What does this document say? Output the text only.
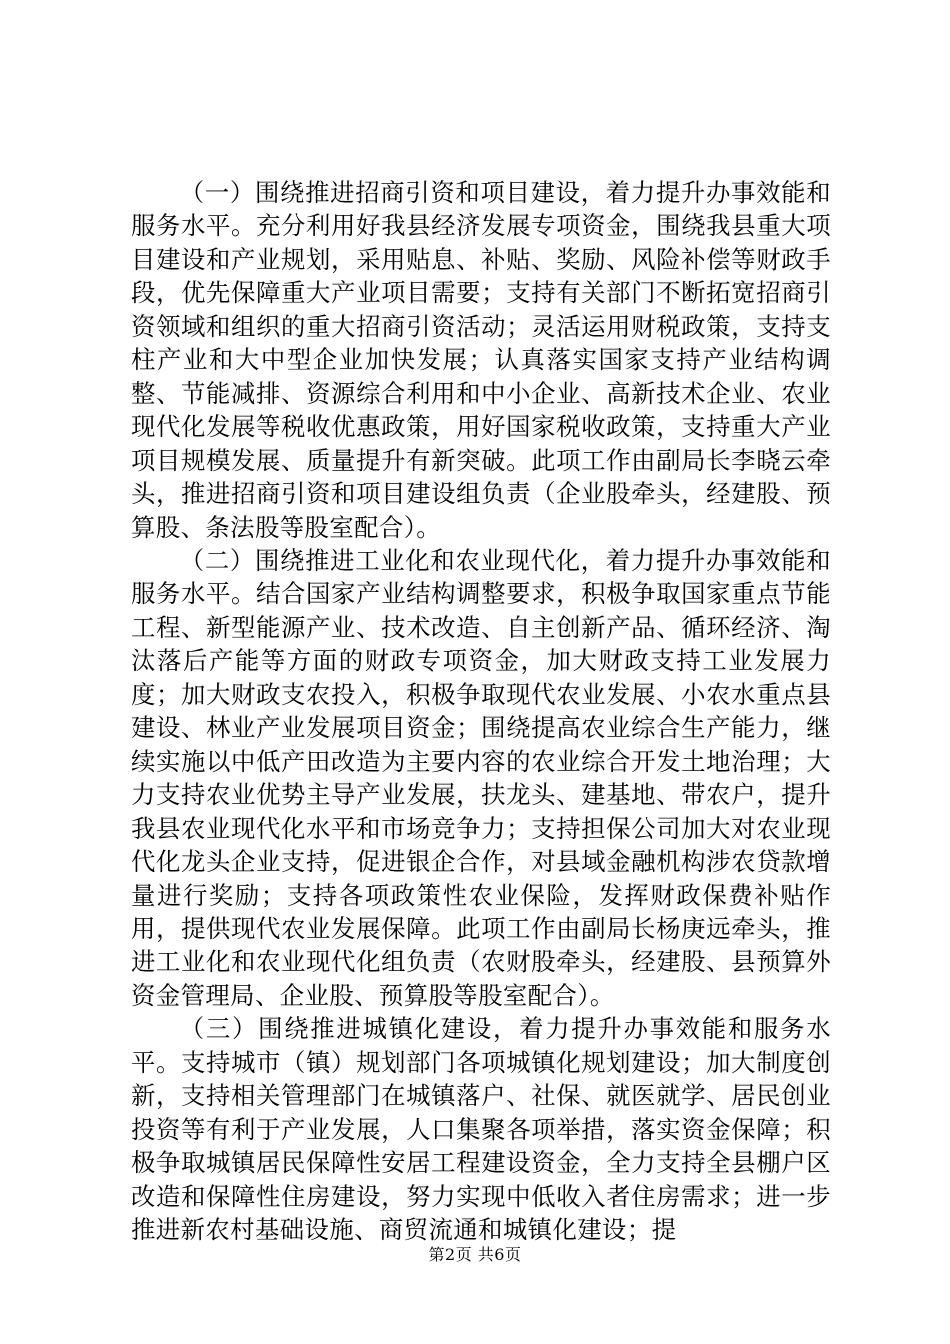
（一）围绕推进招商引资和项目建设，着力提升办事效能和服务水平。充分利用好我县经济发展专项资金，围绕我县重大项目建设和产业规划，采用贴息、补贴、奖励、风险补偿等财政手段，优先保障重大产业项目需要；支持有关部门不断拓宽招商引资领域和组织的重大招商引资活动；灵活运用财税政策，支持支柱产业和大中型企业加快发展；认真落实国家支持产业结构调整、节能减排、资源综合利用和中小企业、高新技术企业、农业现代化发展等税收优惠政策，用好国家税收政策，支持重大产业项目规模发展、质量提升有新突破。此项工作由副局长李晓云牵头，推进招商引资和项目建设组负责（企业股牵头，经建股、预算股、条法股等股室配合）。

（二）围绕推进工业化和农业现代化，着力提升办事效能和服务水平。结合国家产业结构调整要求，积极争取国家重点节能工程、新型能源产业、技术改造、自主创新产品、循环经济、淘汰落后产能等方面的财政专项资金，加大财政支持工业发展力度；加大财政支农投入，积极争取现代农业发展、小农水重点县建设、林业产业发展项目资金；围绕提高农业综合生产能力，继续实施以中低产田改造为主要内容的农业综合开发土地治理；大力支持农业优势主导产业发展，扶龙头、建基地、带农户，提升我县农业现代化水平和市场竞争力；支持担保公司加大对农业现代化龙头企业支持，促进银企合作，对县域金融机构涉农贷款增量进行奖励；支持各项政策性农业保险，发挥财政保费补贴作用，提供现代农业发展保障。此项工作由副局长杨庚远牵头，推进工业化和农业现代化组负责（农财股牵头，经建股、县预算外资金管理局、企业股、预算股等股室配合）。

（三）围绕推进城镇化建设，着力提升办事效能和服务水平。支持城市（镇）规划部门各项城镇化规划建设；加大制度创新，支持相关管理部门在城镇落户、社保、就医就学、居民创业投资等有利于产业发展，人口集聚各项举措，落实资金保障；积极争取城镇居民保障性安居工程建设资金，全力支持全县棚户区改造和保障性住房建设，努力实现中低收入者住房需求；进一步推进新农村基础设施、商贸流通和城镇化建设；提

第2页 共6页
